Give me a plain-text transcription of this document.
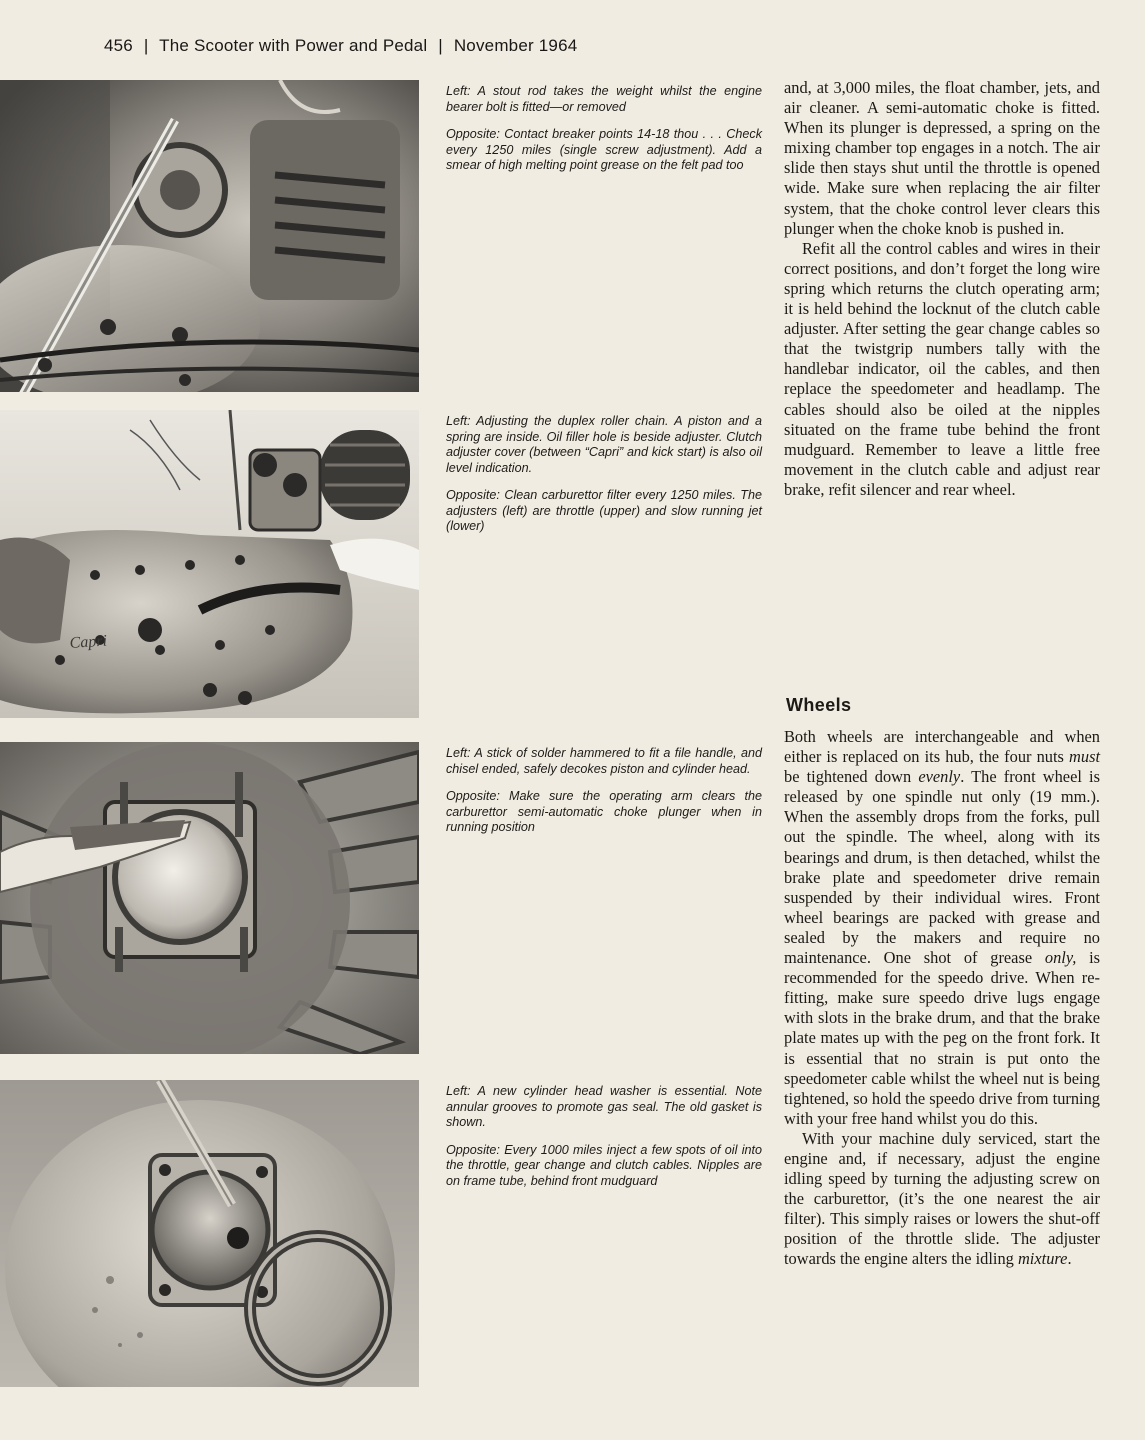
456 | The Scooter with Power and Pedal | November 1964
Capri

Left: A stout rod takes the weight whilst the engine bearer bolt is fitted—or removed

Opposite: Contact breaker points 14-18 thou . . . Check every 1250 miles (single screw adjustment). Add a smear of high melting point grease on the felt pad too

Left: Adjusting the duplex roller chain. A piston and a spring are inside. Oil filler hole is beside adjuster. Clutch adjuster cover (between “Capri” and kick start) is also oil level indication.

Opposite: Clean carburettor filter every 1250 miles. The adjusters (left) are throttle (upper) and slow running jet (lower)

Left: A stick of solder hammered to fit a file handle, and chisel ended, safely decokes piston and cylinder head.

Opposite: Make sure the operating arm clears the carburettor semi-automatic choke plunger when in running position

Left: A new cylinder head washer is essential. Note annular grooves to promote gas seal. The old gasket is shown.

Opposite: Every 1000 miles inject a few spots of oil into the throttle, gear change and clutch cables. Nipples are on frame tube, behind front mudguard

and, at 3,000 miles, the float chamber, jets, and air cleaner. A semi-automatic choke is fitted. When its plunger is depressed, a spring on the mixing chamber top engages in a notch. The air slide then stays shut until the throttle is opened wide. Make sure when replacing the air filter system, that the choke control lever clears this plunger when the choke knob is pushed in.

Refit all the control cables and wires in their correct positions, and don’t forget the long wire spring which returns the clutch operating arm; it is held behind the locknut of the clutch cable adjuster. After setting the gear change cables so that the twistgrip numbers tally with the handlebar indicator, oil the cables, and then replace the speedometer and headlamp. The cables should also be oiled at the nipples situated on the frame tube behind the front mudguard. Remember to leave a little free movement in the clutch cable and adjust rear brake, refit silencer and rear wheel.

Wheels

Both wheels are interchangeable and when either is replaced on its hub, the four nuts must be tightened down evenly. The front wheel is released by one spindle nut only (19 mm.). When the assembly drops from the forks, pull out the spindle. The wheel, along with its bearings and drum, is then detached, whilst the brake plate and speedometer drive remain suspended by their individual wires. Front wheel bearings are packed with grease and sealed by the makers and require no maintenance. One shot of grease only, is recommended for the speedo drive. When re-fitting, make sure speedo drive lugs engage with slots in the brake drum, and that the brake plate mates up with the peg on the front fork. It is essential that no strain is put onto the speedometer cable whilst the wheel nut is being tightened, so hold the speedo drive from turning with your free hand whilst you do this.

With your machine duly serviced, start the engine and, if necessary, adjust the engine idling speed by turning the adjusting screw on the carburettor, (it’s the one nearest the air filter). This simply raises or lowers the shut-off position of the throttle slide. The adjuster towards the engine alters the idling mixture.
